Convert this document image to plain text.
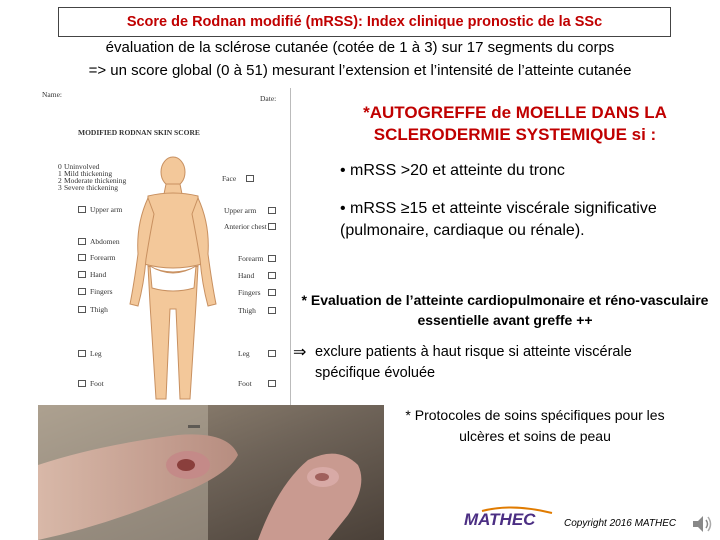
Score de Rodnan modifié (mRSS): Index clinique pronostic de la SSc
évaluation de la sclérose cutanée (cotée de 1 à 3) sur 17 segments du corps
=> un score global (0 à 51) mesurant l’extension et l’intensité de l’atteinte cutanée
Name:	Date:
MODIFIED RODNAN SKIN SCORE
0 Uninvolved
1 Mild thickening
2 Moderate thickening
3 Severe thickening
Upper arm
Abdomen
Forearm
Hand
Fingers
Thigh
Leg
Foot
Face
Upper arm
Anterior chest
Forearm
Hand
Fingers
Thigh
Leg
Foot
*AUTOGREFFE de MOELLE DANS LA SCLERODERMIE SYSTEMIQUE si :
• mRSS >20 et atteinte du tronc
• mRSS ≥15 et atteinte viscérale significative (pulmonaire, cardiaque ou rénale).
* Evaluation de l’atteinte cardiopulmonaire et réno-vasculaire essentielle avant greffe ++
⇒ exclure patients à haut risque si atteinte viscérale spécifique évoluée
* Protocoles de soins spécifiques pour les ulcères et soins de peau
MATHEC	Copyright 2016 MATHEC
